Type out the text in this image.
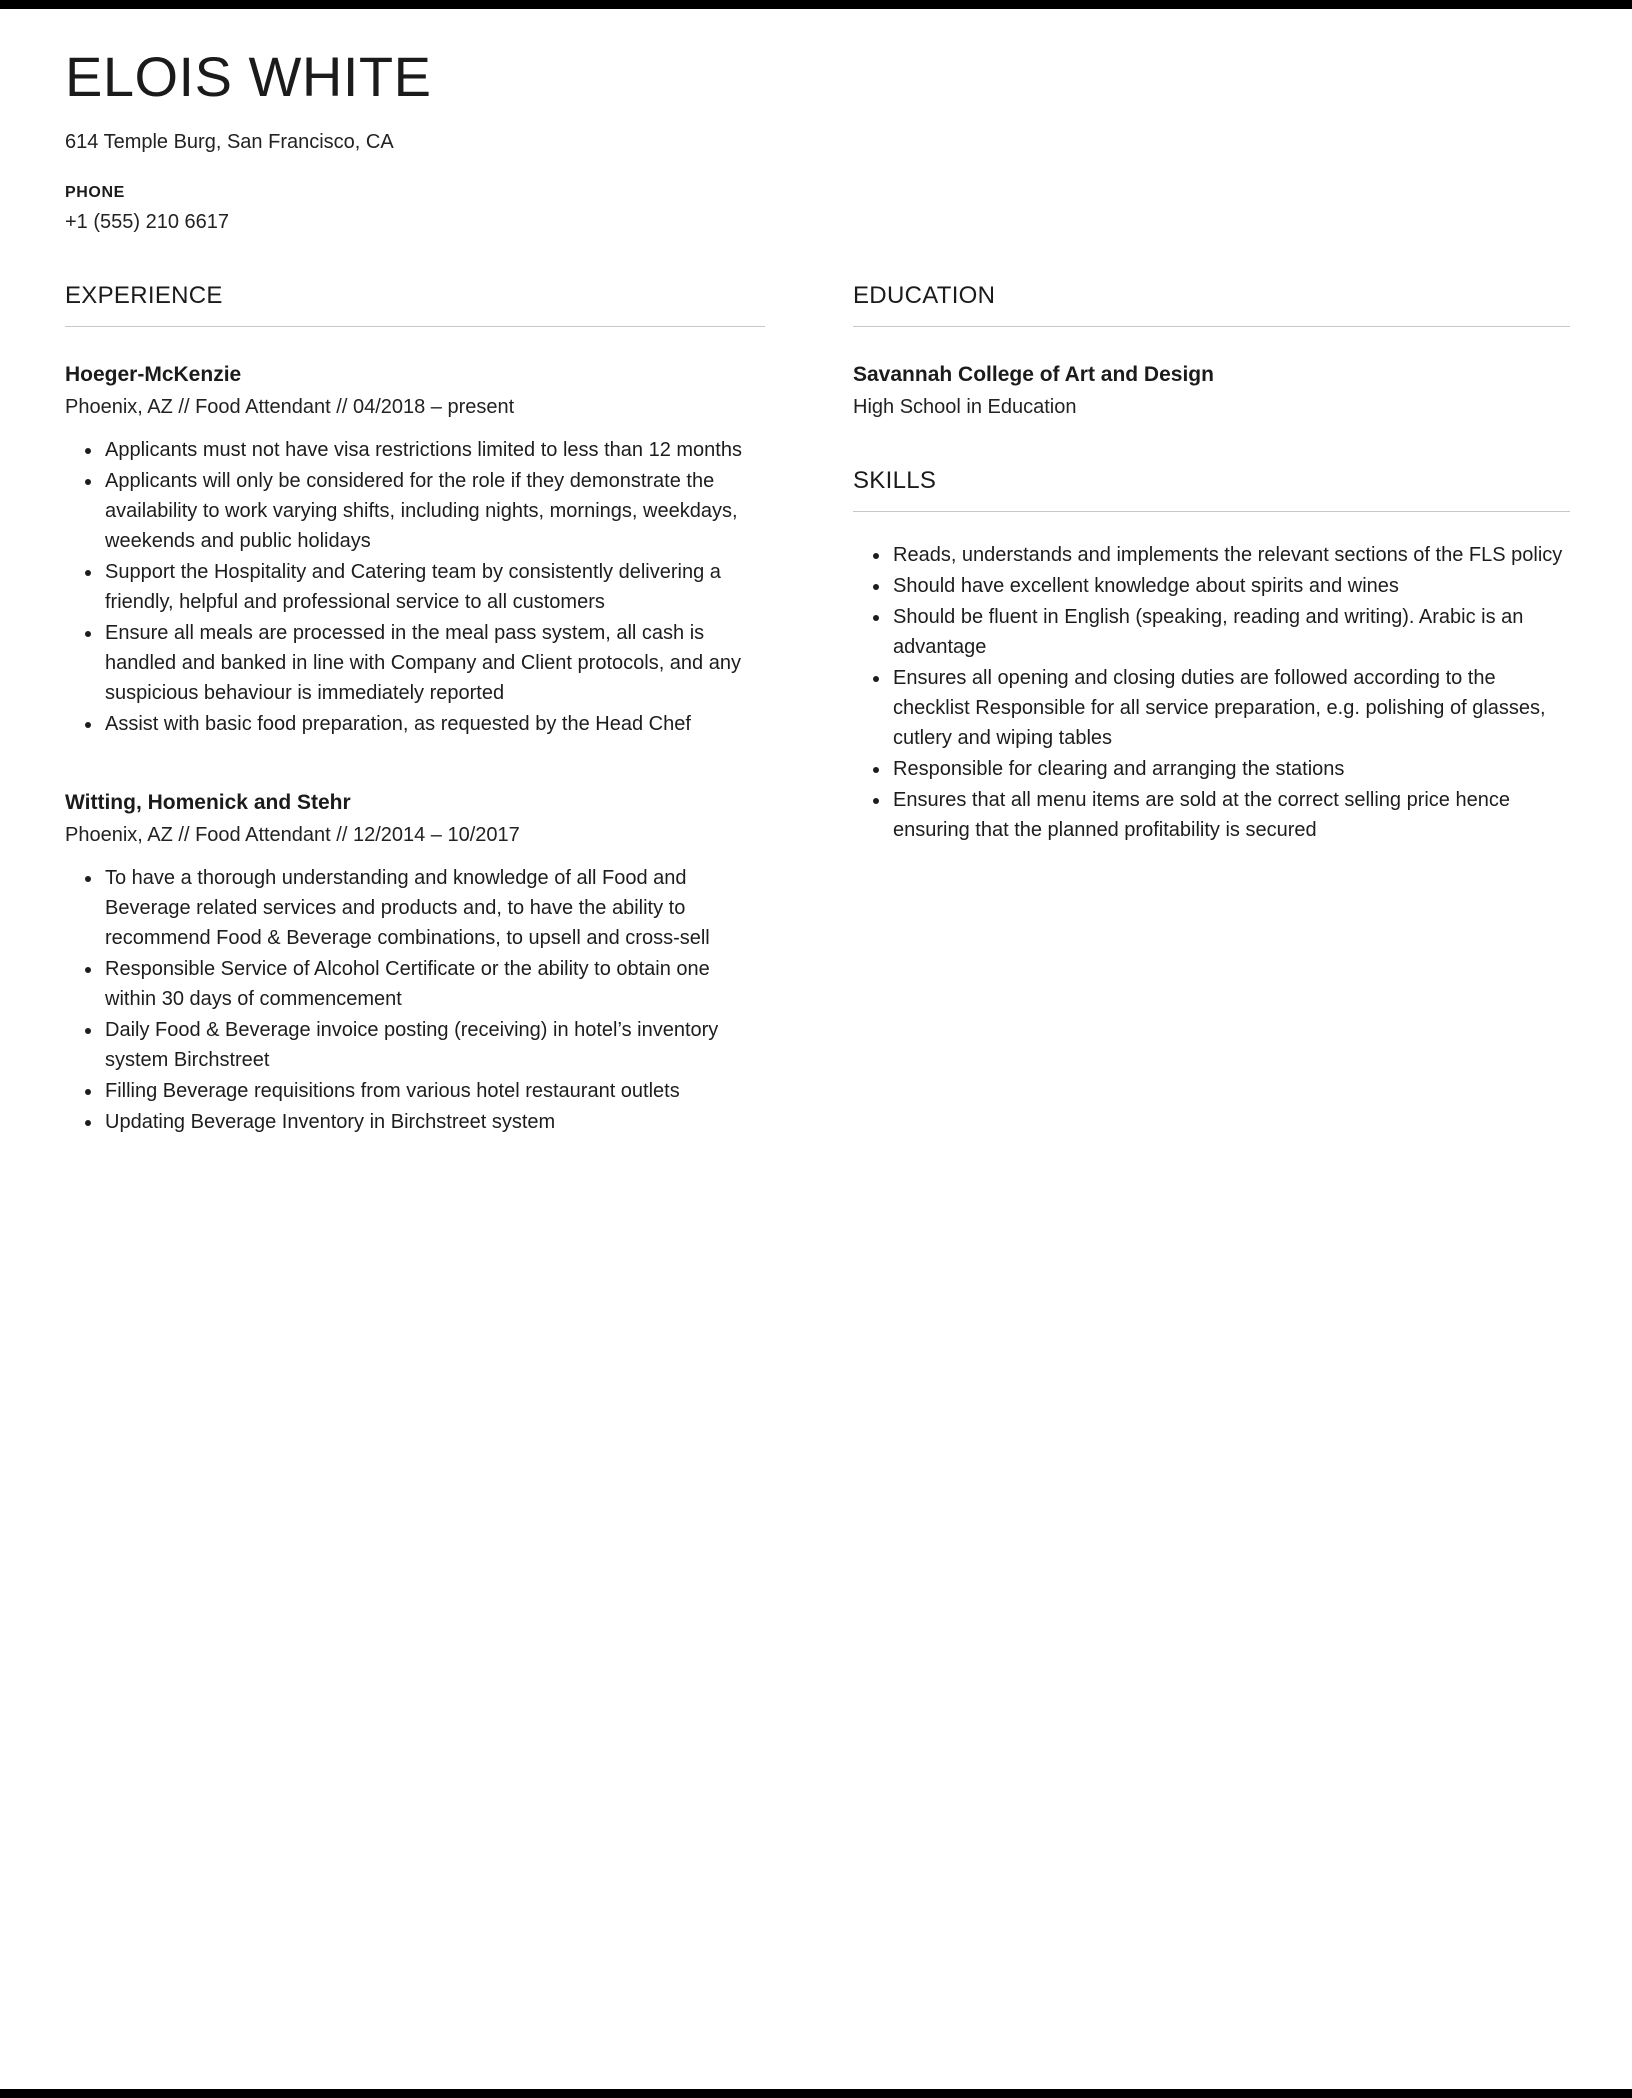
ELOIS WHITE
614 Temple Burg, San Francisco, CA
PHONE
+1 (555) 210 6617
EXPERIENCE
Hoeger-McKenzie
Phoenix, AZ // Food Attendant // 04/2018 – present
• Applicants must not have visa restrictions limited to less than 12 months
• Applicants will only be considered for the role if they demonstrate the availability to work varying shifts, including nights, mornings, weekdays, weekends and public holidays
• Support the Hospitality and Catering team by consistently delivering a friendly, helpful and professional service to all customers
• Ensure all meals are processed in the meal pass system, all cash is handled and banked in line with Company and Client protocols, and any suspicious behaviour is immediately reported
• Assist with basic food preparation, as requested by the Head Chef
Witting, Homenick and Stehr
Phoenix, AZ // Food Attendant // 12/2014 – 10/2017
• To have a thorough understanding and knowledge of all Food and Beverage related services and products and, to have the ability to recommend Food & Beverage combinations, to upsell and cross-sell
• Responsible Service of Alcohol Certificate or the ability to obtain one within 30 days of commencement
• Daily Food & Beverage invoice posting (receiving) in hotel’s inventory system Birchstreet
• Filling Beverage requisitions from various hotel restaurant outlets
• Updating Beverage Inventory in Birchstreet system
EDUCATION
Savannah College of Art and Design
High School in Education
SKILLS
• Reads, understands and implements the relevant sections of the FLS policy
• Should have excellent knowledge about spirits and wines
• Should be fluent in English (speaking, reading and writing). Arabic is an advantage
• Ensures all opening and closing duties are followed according to the checklist Responsible for all service preparation, e.g. polishing of glasses, cutlery and wiping tables
• Responsible for clearing and arranging the stations
• Ensures that all menu items are sold at the correct selling price hence ensuring that the planned profitability is secured
